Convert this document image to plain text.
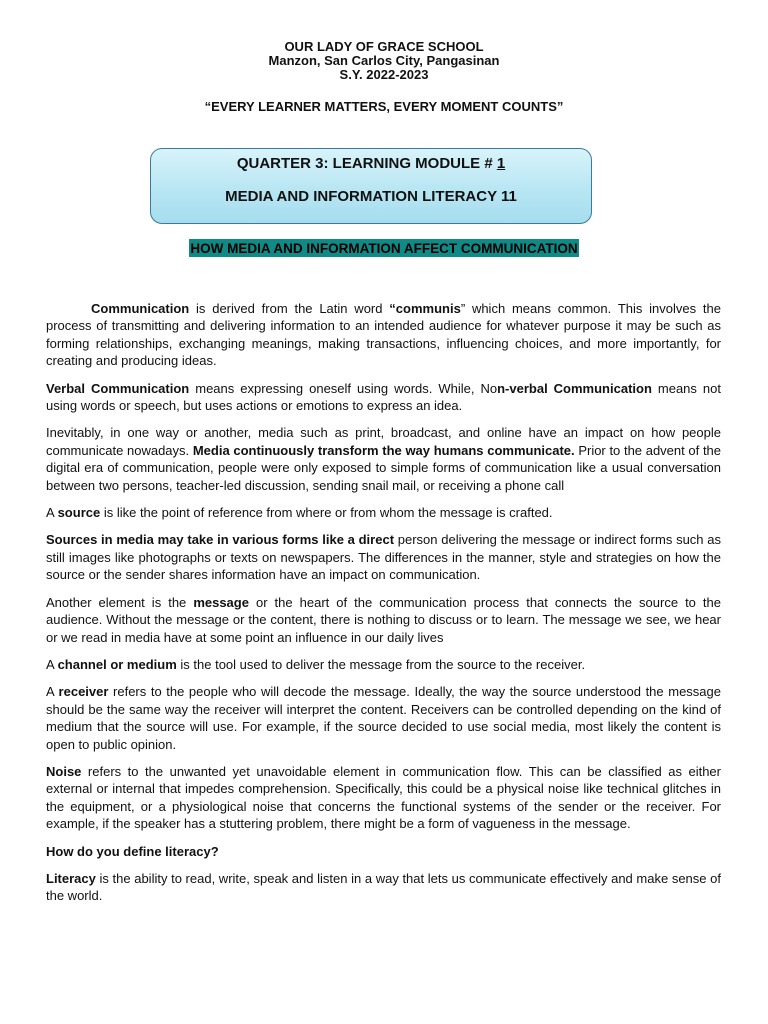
OUR LADY OF GRACE SCHOOL
Manzon, San Carlos City, Pangasinan
S.Y. 2022-2023
“EVERY LEARNER MATTERS, EVERY MOMENT COUNTS”
QUARTER 3: LEARNING MODULE # 1
MEDIA AND INFORMATION LITERACY 11
HOW MEDIA AND INFORMATION AFFECT COMMUNICATION

Communication is derived from the Latin word “communis” which means common. This involves the process of transmitting and delivering information to an intended audience for whatever purpose it may be such as forming relationships, exchanging meanings, making transactions, influencing choices, and more importantly, for creating and producing ideas.

Verbal Communication means expressing oneself using words. While, Non-verbal Communication means not using words or speech, but uses actions or emotions to express an idea.

Inevitably, in one way or another, media such as print, broadcast, and online have an impact on how people communicate nowadays. Media continuously transform the way humans communicate. Prior to the advent of the digital era of communication, people were only exposed to simple forms of communication like a usual conversation between two persons, teacher-led discussion, sending snail mail, or receiving a phone call

A source is like the point of reference from where or from whom the message is crafted.

Sources in media may take in various forms like a direct person delivering the message or indirect forms such as still images like photographs or texts on newspapers. The differences in the manner, style and strategies on how the source or the sender shares information have an impact on communication.

Another element is the message or the heart of the communication process that connects the source to the audience. Without the message or the content, there is nothing to discuss or to learn. The message we see, we hear or we read in media have at some point an influence in our daily lives

A channel or medium is the tool used to deliver the message from the source to the receiver.

A receiver refers to the people who will decode the message. Ideally, the way the source understood the message should be the same way the receiver will interpret the content. Receivers can be controlled depending on the kind of medium that the source will use. For example, if the source decided to use social media, most likely the content is open to public opinion.

Noise refers to the unwanted yet unavoidable element in communication flow. This can be classified as either external or internal that impedes comprehension. Specifically, this could be a physical noise like technical glitches in the equipment, or a physiological noise that concerns the functional systems of the sender or the receiver. For example, if the speaker has a stuttering problem, there might be a form of vagueness in the message.

How do you define literacy?

Literacy is the ability to read, write, speak and listen in a way that lets us communicate effectively and make sense of the world.
